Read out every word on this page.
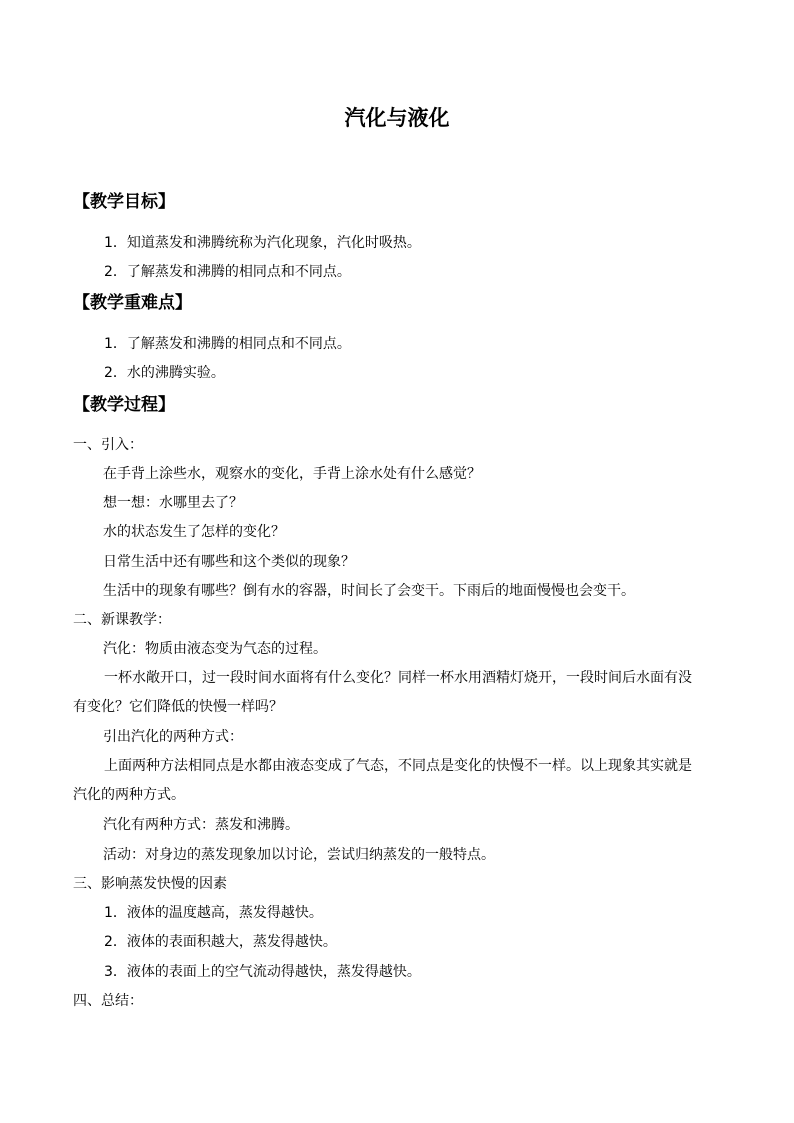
汽化与液化
【教学目标】
1．知道蒸发和沸腾统称为汽化现象，汽化时吸热。
2．了解蒸发和沸腾的相同点和不同点。
【教学重难点】
1．了解蒸发和沸腾的相同点和不同点。
2．水的沸腾实验。
【教学过程】
一、引入：
在手背上涂些水，观察水的变化，手背上涂水处有什么感觉？
想一想：水哪里去了？
水的状态发生了怎样的变化？
日常生活中还有哪些和这个类似的现象？
生活中的现象有哪些？倒有水的容器，时间长了会变干。下雨后的地面慢慢也会变干。
二、新课教学：
汽化：物质由液态变为气态的过程。
一杯水敞开口，过一段时间水面将有什么变化？同样一杯水用酒精灯烧开，一段时间后水面有没有变化？它们降低的快慢一样吗？
引出汽化的两种方式：
上面两种方法相同点是水都由液态变成了气态，不同点是变化的快慢不一样。以上现象其实就是汽化的两种方式。
汽化有两种方式：蒸发和沸腾。
活动：对身边的蒸发现象加以讨论，尝试归纳蒸发的一般特点。
三、影响蒸发快慢的因素
1．液体的温度越高，蒸发得越快。
2．液体的表面积越大，蒸发得越快。
3．液体的表面上的空气流动得越快，蒸发得越快。
四、总结：
